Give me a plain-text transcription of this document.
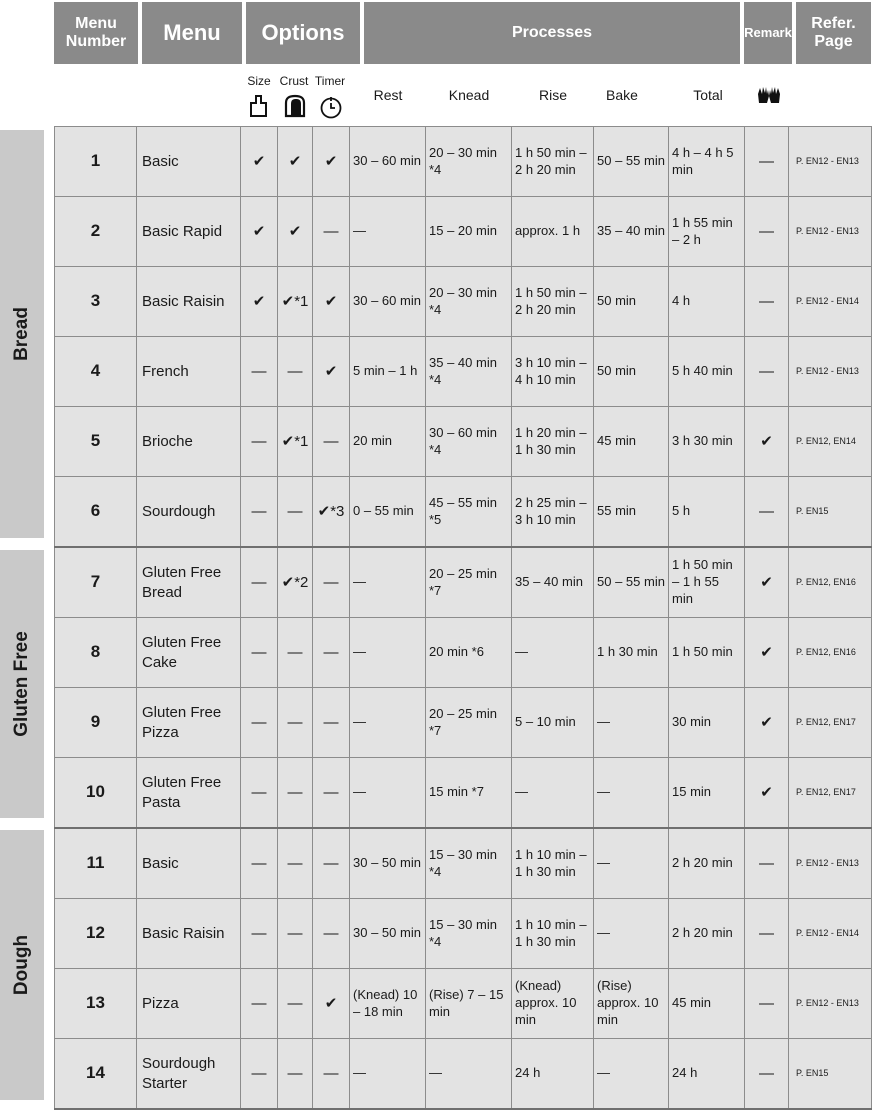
Menu Number	Menu	Options	Processes	Remark	Refer. Page
Size Crust Timer
Rest	Knead	Rise	Bake	Total
Bread
Gluten Free
Dough
1	Basic	✔	✔	✔	30 – 60 min	20 – 30 min *4	1 h 50 min – 2 h 20 min	50 – 55 min	4 h – 4 h 5 min	—	P. EN12 - EN13
2	Basic Rapid	✔	✔	—	—	15 – 20 min	approx. 1 h	35 – 40 min	1 h 55 min – 2 h	—	P. EN12 - EN13
3	Basic Raisin	✔	✔*1	✔	30 – 60 min	20 – 30 min *4	1 h 50 min – 2 h 20 min	50 min	4 h	—	P. EN12 - EN14
4	French	—	—	✔	5 min – 1 h	35 – 40 min *4	3 h 10 min – 4 h 10 min	50 min	5 h 40 min	—	P. EN12 - EN13
5	Brioche	—	✔*1	—	20 min	30 – 60 min *4	1 h 20 min – 1 h 30 min	45 min	3 h 30 min	✔	P. EN12, EN14
6	Sourdough	—	—	✔*3	0 – 55 min	45 – 55 min *5	2 h 25 min – 3 h 10 min	55 min	5 h	—	P. EN15
7	Gluten Free Bread	—	✔*2	—	—	20 – 25 min *7	35 – 40 min	50 – 55 min	1 h 50 min – 1 h 55 min	✔	P. EN12, EN16
8	Gluten Free Cake	—	—	—	—	20 min *6	—	1 h 30 min	1 h 50 min	✔	P. EN12, EN16
9	Gluten Free Pizza	—	—	—	—	20 – 25 min *7	5 – 10 min	—	30 min	✔	P. EN12, EN17
10	Gluten Free Pasta	—	—	—	—	15 min *7	—	—	15 min	✔	P. EN12, EN17
11	Basic	—	—	—	30 – 50 min	15 – 30 min *4	1 h 10 min – 1 h 30 min	—	2 h 20 min	—	P. EN12 - EN13
12	Basic Raisin	—	—	—	30 – 50 min	15 – 30 min *4	1 h 10 min – 1 h 30 min	—	2 h 20 min	—	P. EN12 - EN14
13	Pizza	—	—	✔	(Knead) 10 – 18 min	(Rise) 7 – 15 min	(Knead) approx. 10 min	(Rise) approx. 10 min	45 min	—	P. EN12 - EN13
14	Sourdough Starter	—	—	—	—	—	24 h	—	24 h	—	P. EN15
